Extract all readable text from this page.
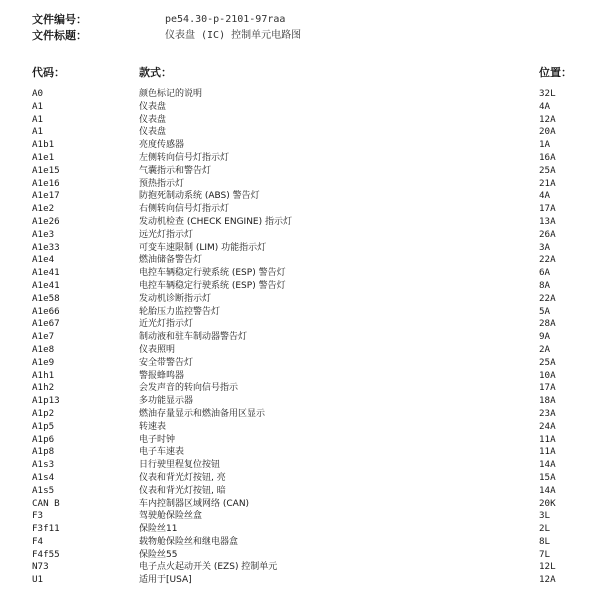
文件编号：	pe54.30-p-2101-97raa
文件标题：	仪表盘 (IC) 控制单元电路图
代码：	款式：	位置：
A0	颜色标记的说明	32L
A1	仪表盘	4A
A1	仪表盘	12A
A1	仪表盘	20A
A1b1	亮度传感器	1A
A1e1	左侧转向信号灯指示灯	16A
A1e15	气囊指示和警告灯	25A
A1e16	预热指示灯	21A
A1e17	防抱死制动系统 (ABS) 警告灯	4A
A1e2	右侧转向信号灯指示灯	17A
A1e26	发动机检查 (CHECK ENGINE) 指示灯	13A
A1e3	远光灯指示灯	26A
A1e33	可变车速限制 (LIM) 功能指示灯	3A
A1e4	燃油储备警告灯	22A
A1e41	电控车辆稳定行驶系统 (ESP) 警告灯	6A
A1e41	电控车辆稳定行驶系统 (ESP) 警告灯	8A
A1e58	发动机诊断指示灯	22A
A1e66	轮胎压力监控警告灯	5A
A1e67	近光灯指示灯	28A
A1e7	制动液和驻车制动器警告灯	9A
A1e8	仪表照明	2A
A1e9	安全带警告灯	25A
A1h1	警报蜂鸣器	10A
A1h2	会发声音的转向信号指示	17A
A1p13	多功能显示器	18A
A1p2	燃油存量显示和燃油备用区显示	23A
A1p5	转速表	24A
A1p6	电子时钟	11A
A1p8	电子车速表	11A
A1s3	日行驶里程复位按钮	14A
A1s4	仪表和背光灯按钮, 亮	15A
A1s5	仪表和背光灯按钮, 暗	14A
CAN B	车内控制器区域网络 (CAN)	20K
F3	驾驶舱保险丝盒	3L
F3f11	保险丝11	2L
F4	载物舱保险丝和继电器盒	8L
F4f55	保险丝55	7L
N73	电子点火起动开关 (EZS) 控制单元	12L
U1	适用于[USA]	12A
